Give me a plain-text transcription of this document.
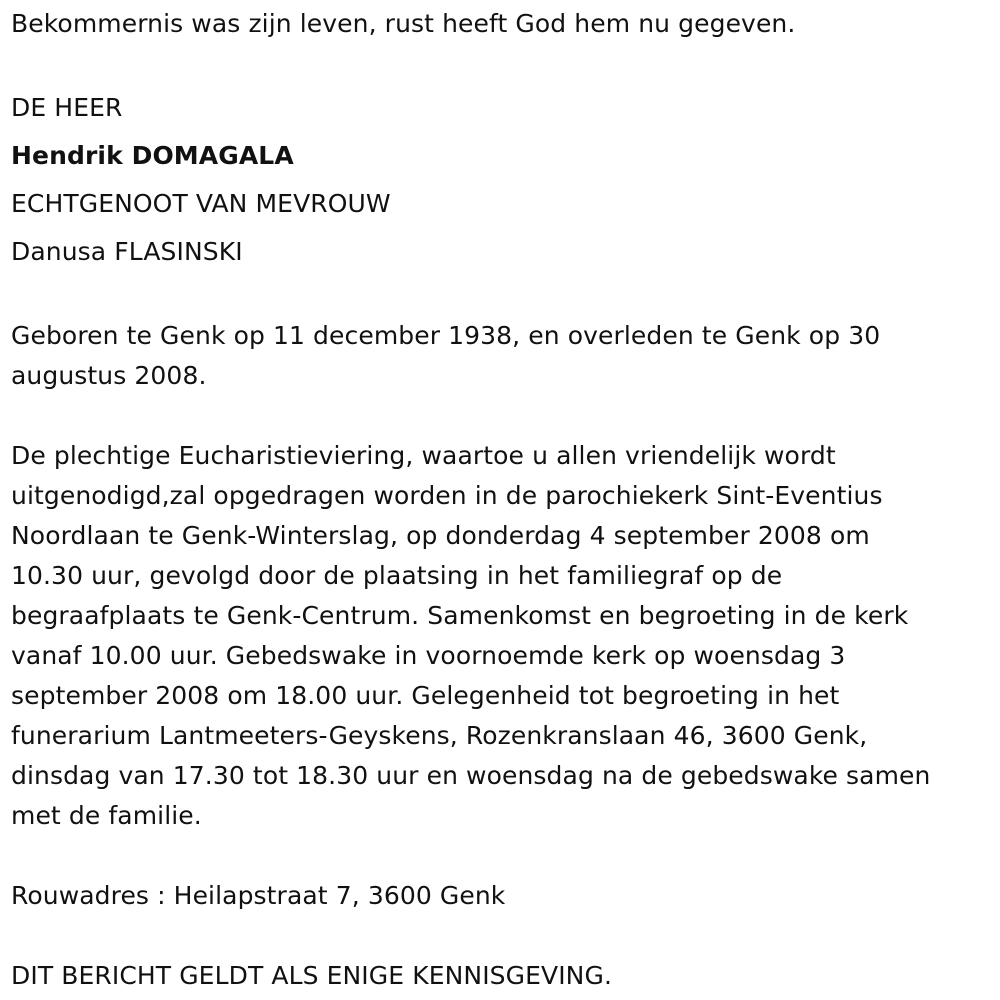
Bekommernis was zijn leven, rust heeft God hem nu gegeven.
DE HEER
Hendrik DOMAGALA
ECHTGENOOT VAN MEVROUW
Danusa FLASINSKI
Geboren te Genk op 11 december 1938, en overleden te Genk op 30
augustus 2008.
De plechtige Eucharistieviering, waartoe u allen vriendelijk wordt
uitgenodigd,zal opgedragen worden in de parochiekerk Sint-Eventius
Noordlaan te Genk-Winterslag, op donderdag 4 september 2008 om
10.30 uur, gevolgd door de plaatsing in het familiegraf op de
begraafplaats te Genk-Centrum. Samenkomst en begroeting in de kerk
vanaf 10.00 uur. Gebedswake in voornoemde kerk op woensdag 3
september 2008 om 18.00 uur. Gelegenheid tot begroeting in het
funerarium Lantmeeters-Geyskens, Rozenkranslaan 46, 3600 Genk,
dinsdag van 17.30 tot 18.30 uur en woensdag na de gebedswake samen
met de familie.
Rouwadres : Heilapstraat 7, 3600 Genk
DIT BERICHT GELDT ALS ENIGE KENNISGEVING.
